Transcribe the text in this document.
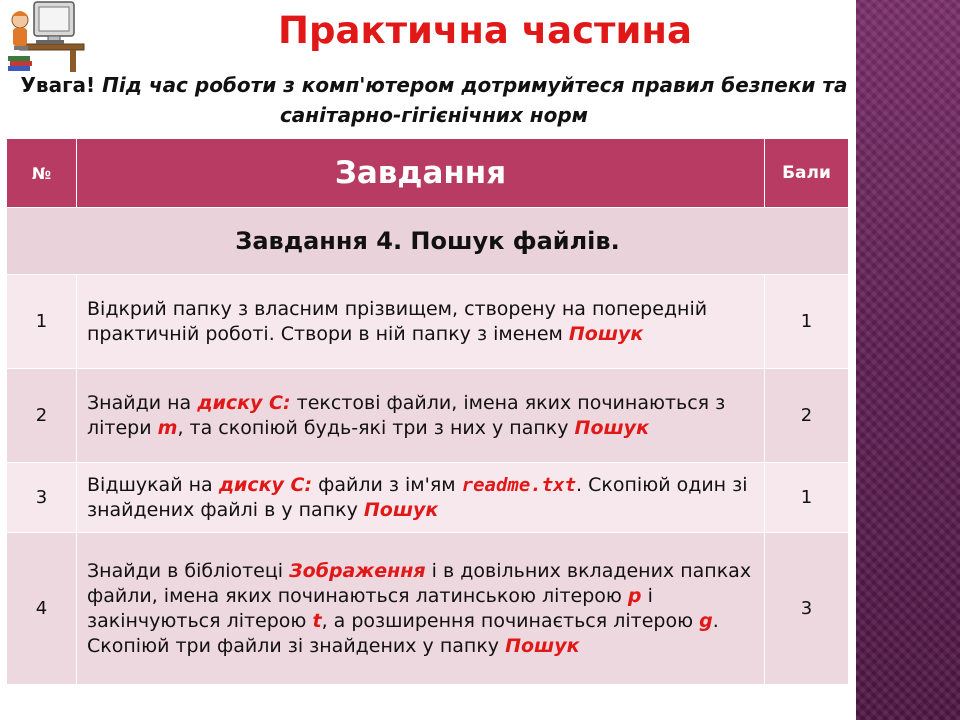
Практична частина
Увага! Під час роботи з комп'ютером дотримуйтеся правил безпеки та санітарно-гігієнічних норм
№	Завдання	Бали
Завдання 4. Пошук файлів.		
1	Відкрий папку з власним прізвищем, створену на попередній практичній роботі. Створи в ній папку з іменем Пошук	1
2	Знайди на диску С: текстові файли, імена яких починаються з літери m, та скопіюй будь-які три з них у папку Пошук	2
3	Відшукай на диску С: файли з ім'ям readme.txt. Скопіюй один зі знайдених файлі в у папку Пошук	1
4	Знайди в бібліотеці Зображення і в довільних вкладених папках файли, імена яких починаються латинською літерою p і закінчуються літерою t, а розширення починається літерою g. Скопіюй три файли зі знайдених у папку Пошук	3
